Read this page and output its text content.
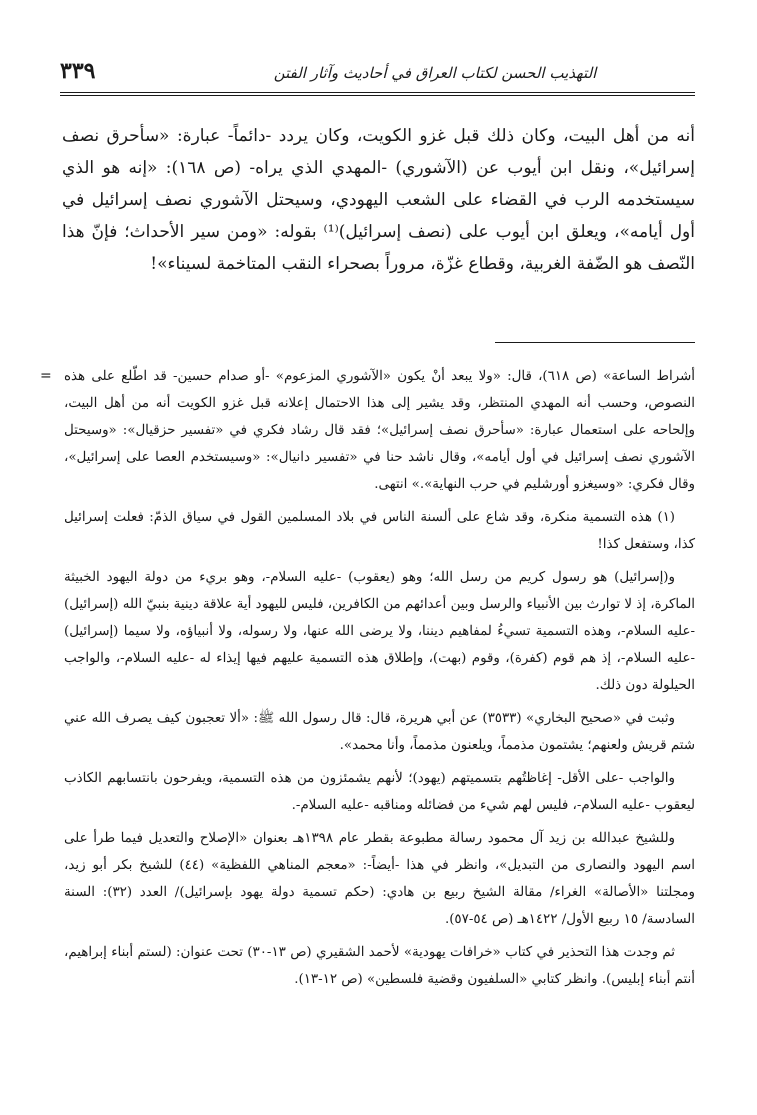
٣٣٩	التهذيب الحسن لكتاب العراق في أحاديث وآثار الفتن

أنه من أهل البيت، وكان ذلك قبل غزو الكويت، وكان يردد -دائماً- عبارة: «سأحرق نصف إسرائيل»، ونقل ابن أيوب عن (الآشوري) -المهدي الذي يراه- (ص ١٦٨): «إنه هو الذي سيستخدمه الرب في القضاء على الشعب اليهودي، وسيحتل الآشوري نصف إسرائيل في أول أيامه»، ويعلق ابن أيوب على (نصف إسرائيل)⁽¹⁾ بقوله: «ومن سير الأحداث؛ فإنّ هذا النّصف هو الضّفة الغربية، وقطاع غزّة، مروراً بصحراء النقب المتاخمة لسيناء»!

= أشراط الساعة» (ص ٦١٨)، قال: «ولا يبعد أنْ يكون «الآشوري المزعوم» -أو صدام حسين- قد اطّلع على هذه النصوص، وحسب أنه المهدي المنتظر، وقد يشير إلى هذا الاحتمال إعلانه قبل غزو الكويت أنه من أهل البيت، وإلحاحه على استعمال عبارة: «سأحرق نصف إسرائيل»؛ فقد قال رشاد فكري في «تفسير حزقيال»: «وسيحتل الآشوري نصف إسرائيل في أول أيامه»، وقال ناشد حنا في «تفسير دانيال»: «وسيستخدم العصا على إسرائيل»، وقال فكري: «وسيغزو أورشليم في حرب النهاية».» انتهى.

(١) هذه التسمية منكرة، وقد شاع على ألسنة الناس في بلاد المسلمين القول في سياق الذمّ: فعلت إسرائيل كذا، وستفعل كذا!

و(إسرائيل) هو رسول كريم من رسل الله؛ وهو (يعقوب) -عليه السلام-، وهو بريء من دولة اليهود الخبيثة الماكرة، إذ لا توارث بين الأنبياء والرسل وبين أعدائهم من الكافرين، فليس لليهود أية علاقة دينية بنبيّ الله (إسرائيل) -عليه السلام-، وهذه التسمية تسيءُ لمفاهيم ديننا، ولا يرضى الله عنها، ولا رسوله، ولا أنبياؤه، ولا سيما (إسرائيل) -عليه السلام-، إذ هم قوم (كفرة)، وقوم (بهت)، وإطلاق هذه التسمية عليهم فيها إيذاء له -عليه السلام-، والواجب الحيلولة دون ذلك.

وثبت في «صحيح البخاري» (٣٥٣٣) عن أبي هريرة، قال: قال رسول الله ﷺ: «ألا تعجبون كيف يصرف الله عني شتم قريش ولعنهم؛ يشتمون مذمماً، ويلعنون مذمماً، وأنا محمد».

والواجب -على الأقل- إغاظتُهم بتسميتهم (يهود)؛ لأنهم يشمئزون من هذه التسمية، ويفرحون بانتسابهم الكاذب ليعقوب -عليه السلام-، فليس لهم شيء من فضائله ومناقبه -عليه السلام-.

وللشيخ عبدالله بن زيد آل محمود رسالة مطبوعة بقطر عام ١٣٩٨هـ بعنوان «الإصلاح والتعديل فيما طرأ على اسم اليهود والنصارى من التبديل»، وانظر في هذا -أيضاً-: «معجم المناهي اللفظية» (٤٤) للشيخ بكر أبو زيد، ومجلتنا «الأصالة» الغراء/ مقالة الشيخ ربيع بن هادي: (حكم تسمية دولة يهود بإسرائيل)/ العدد (٣٢): السنة السادسة/ ١٥ ربيع الأول/ ١٤٢٢هـ (ص ٥٤-٥٧).

ثم وجدت هذا التحذير في كتاب «خرافات يهودية» لأحمد الشقيري (ص ١٣-٣٠) تحت عنوان: (لستم أبناء إبراهيم، أنتم أبناء إبليس). وانظر كتابي «السلفيون وقضية فلسطين» (ص ١٢-١٣).
